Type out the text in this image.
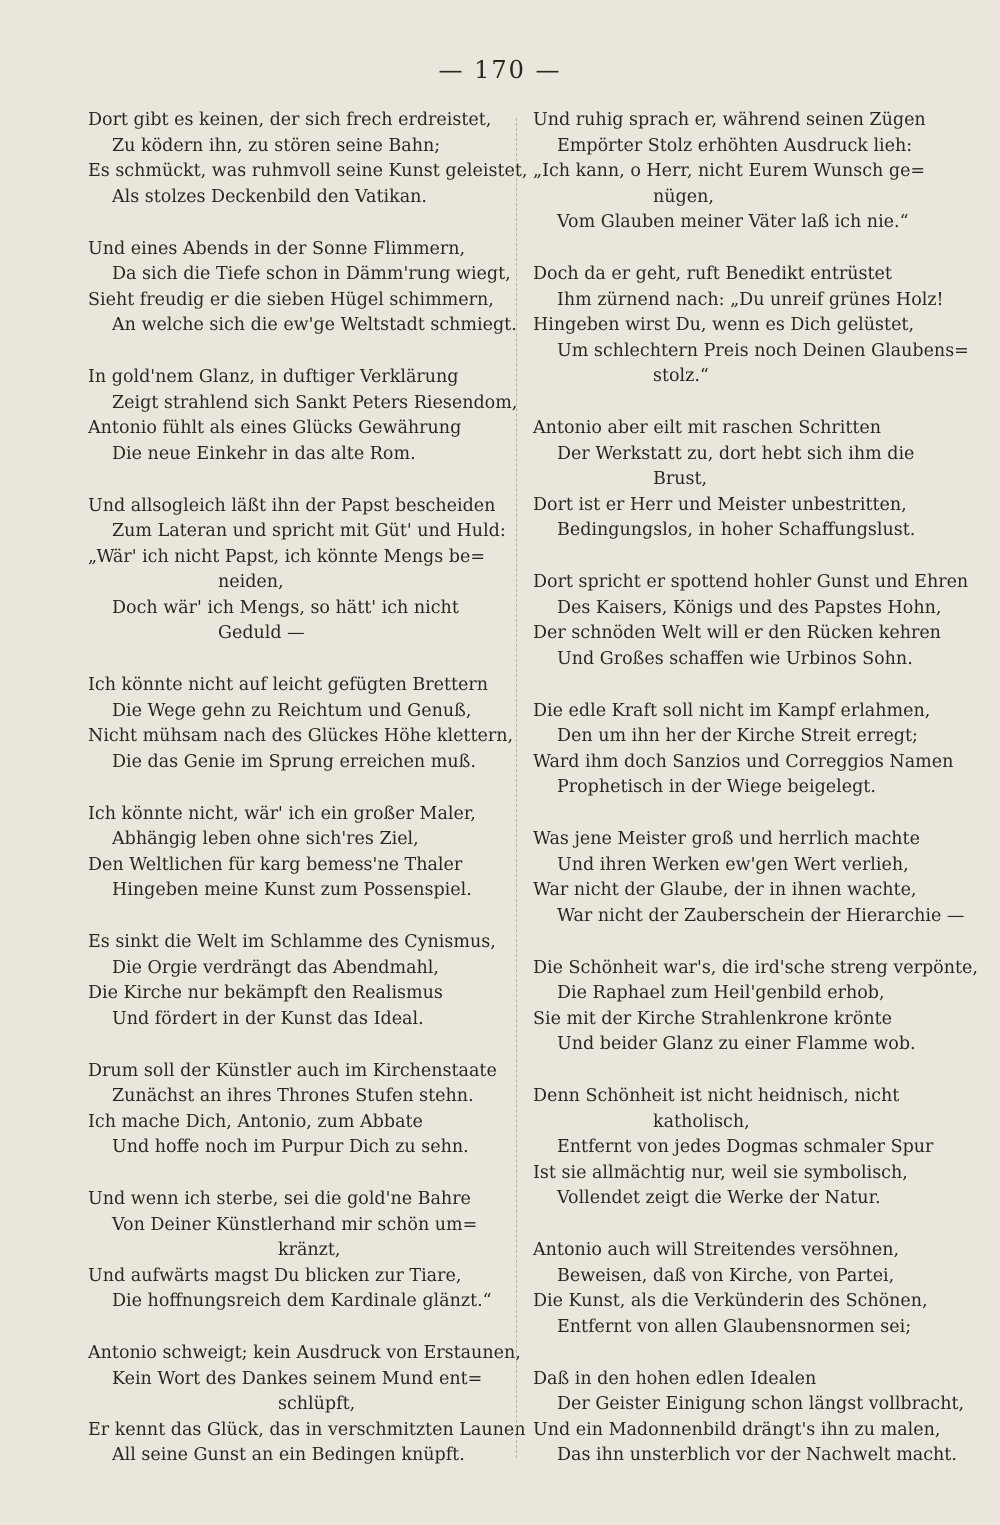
— 170 —
Dort gibt es keinen, der sich frech erdreistet,
Zu ködern ihn, zu stören seine Bahn;
Es schmückt, was ruhmvoll seine Kunst geleistet,
Als stolzes Deckenbild den Vatikan.
Und eines Abends in der Sonne Flimmern,
Da sich die Tiefe schon in Dämm'rung wiegt,
Sieht freudig er die sieben Hügel schimmern,
An welche sich die ew'ge Weltstadt schmiegt.
In gold'nem Glanz, in duftiger Verklärung
Zeigt strahlend sich Sankt Peters Riesendom,
Antonio fühlt als eines Glücks Gewährung
Die neue Einkehr in das alte Rom.
Und allsogleich läßt ihn der Papst bescheiden
Zum Lateran und spricht mit Güt' und Huld:
„Wär' ich nicht Papst, ich könnte Mengs be=
neiden,
Doch wär' ich Mengs, so hätt' ich nicht
Geduld —
Ich könnte nicht auf leicht gefügten Brettern
Die Wege gehn zu Reichtum und Genuß,
Nicht mühsam nach des Glückes Höhe klettern,
Die das Genie im Sprung erreichen muß.
Ich könnte nicht, wär' ich ein großer Maler,
Abhängig leben ohne sich'res Ziel,
Den Weltlichen für karg bemess'ne Thaler
Hingeben meine Kunst zum Possenspiel.
Es sinkt die Welt im Schlamme des Cynismus,
Die Orgie verdrängt das Abendmahl,
Die Kirche nur bekämpft den Realismus
Und fördert in der Kunst das Ideal.
Drum soll der Künstler auch im Kirchenstaate
Zunächst an ihres Thrones Stufen stehn.
Ich mache Dich, Antonio, zum Abbate
Und hoffe noch im Purpur Dich zu sehn.
Und wenn ich sterbe, sei die gold'ne Bahre
Von Deiner Künstlerhand mir schön um=
kränzt,
Und aufwärts magst Du blicken zur Tiare,
Die hoffnungsreich dem Kardinale glänzt.“
Antonio schweigt; kein Ausdruck von Erstaunen,
Kein Wort des Dankes seinem Mund ent=
schlüpft,
Er kennt das Glück, das in verschmitzten Launen
All seine Gunst an ein Bedingen knüpft.
Und ruhig sprach er, während seinen Zügen
Empörter Stolz erhöhten Ausdruck lieh:
„Ich kann, o Herr, nicht Eurem Wunsch ge=
nügen,
Vom Glauben meiner Väter laß ich nie.“
Doch da er geht, ruft Benedikt entrüstet
Ihm zürnend nach: „Du unreif grünes Holz!
Hingeben wirst Du, wenn es Dich gelüstet,
Um schlechtern Preis noch Deinen Glaubens=
stolz.“
Antonio aber eilt mit raschen Schritten
Der Werkstatt zu, dort hebt sich ihm die
Brust,
Dort ist er Herr und Meister unbestritten,
Bedingungslos, in hoher Schaffungslust.
Dort spricht er spottend hohler Gunst und Ehren
Des Kaisers, Königs und des Papstes Hohn,
Der schnöden Welt will er den Rücken kehren
Und Großes schaffen wie Urbinos Sohn.
Die edle Kraft soll nicht im Kampf erlahmen,
Den um ihn her der Kirche Streit erregt;
Ward ihm doch Sanzios und Correggios Namen
Prophetisch in der Wiege beigelegt.
Was jene Meister groß und herrlich machte
Und ihren Werken ew'gen Wert verlieh,
War nicht der Glaube, der in ihnen wachte,
War nicht der Zauberschein der Hierarchie —
Die Schönheit war's, die ird'sche streng verpönte,
Die Raphael zum Heil'genbild erhob,
Sie mit der Kirche Strahlenkrone krönte
Und beider Glanz zu einer Flamme wob.
Denn Schönheit ist nicht heidnisch, nicht
katholisch,
Entfernt von jedes Dogmas schmaler Spur
Ist sie allmächtig nur, weil sie symbolisch,
Vollendet zeigt die Werke der Natur.
Antonio auch will Streitendes versöhnen,
Beweisen, daß von Kirche, von Partei,
Die Kunst, als die Verkünderin des Schönen,
Entfernt von allen Glaubensnormen sei;
Daß in den hohen edlen Idealen
Der Geister Einigung schon längst vollbracht,
Und ein Madonnenbild drängt's ihn zu malen,
Das ihn unsterblich vor der Nachwelt macht.
